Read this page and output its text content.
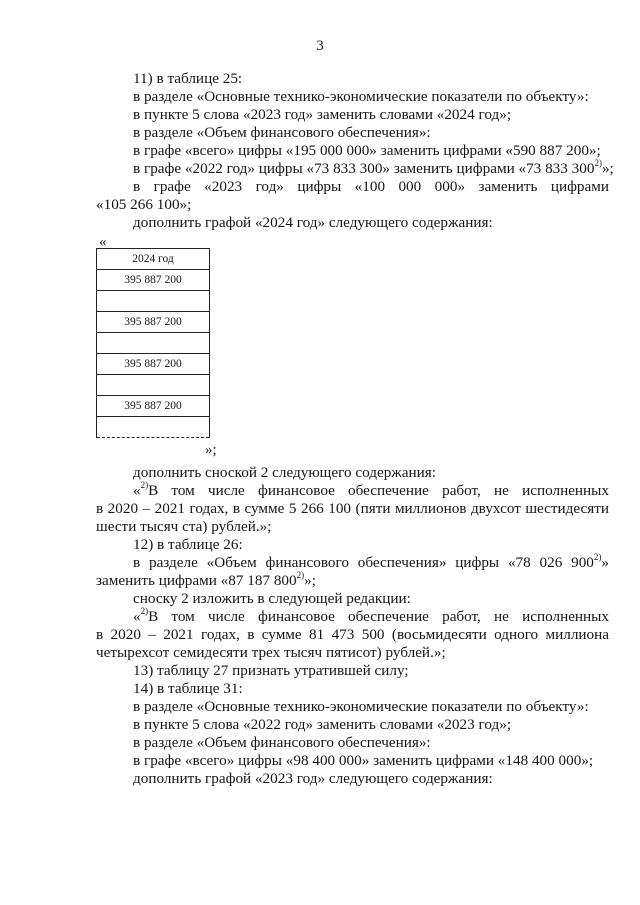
3
11) в таблице 25:
в разделе «Основные технико-экономические показатели по объекту»:
в пункте 5 слова «2023 год» заменить словами «2024 год»;
в разделе «Объем финансового обеспечения»:
в графе «всего» цифры «195 000 000» заменить цифрами «590 887 200»;
в графе «2022 год» цифры «73 833 300» заменить цифрами «73 833 300$^{2)}$»;
в графе «2023 год» цифры «100 000 000» заменить цифрами
«105 266 100»;
дополнить графой «2024 год» следующего содержания:
«
2024 год
395 887 200

395 887 200

395 887 200

395 887 200

»;
дополнить сноской 2 следующего содержания:
«$^{2)}$В том числе финансовое обеспечение работ, не исполненных
в 2020 – 2021 годах, в сумме 5 266 100 (пяти миллионов двухсот шестидесяти
шести тысяч ста) рублей.»;
12) в таблице 26:
в разделе «Объем финансового обеспечения» цифры «78 026 900$^{2)}$»
заменить цифрами «87 187 800$^{2)}$»;
сноску 2 изложить в следующей редакции:
«$^{2)}$В том числе финансовое обеспечение работ, не исполненных
в 2020 – 2021 годах, в сумме 81 473 500 (восьмидесяти одного миллиона
четырехсот семидесяти трех тысяч пятисот) рублей.»;
13) таблицу 27 признать утратившей силу;
14) в таблице 31:
в разделе «Основные технико-экономические показатели по объекту»:
в пункте 5 слова «2022 год» заменить словами «2023 год»;
в разделе «Объем финансового обеспечения»:
в графе «всего» цифры «98 400 000» заменить цифрами «148 400 000»;
дополнить графой «2023 год» следующего содержания:
